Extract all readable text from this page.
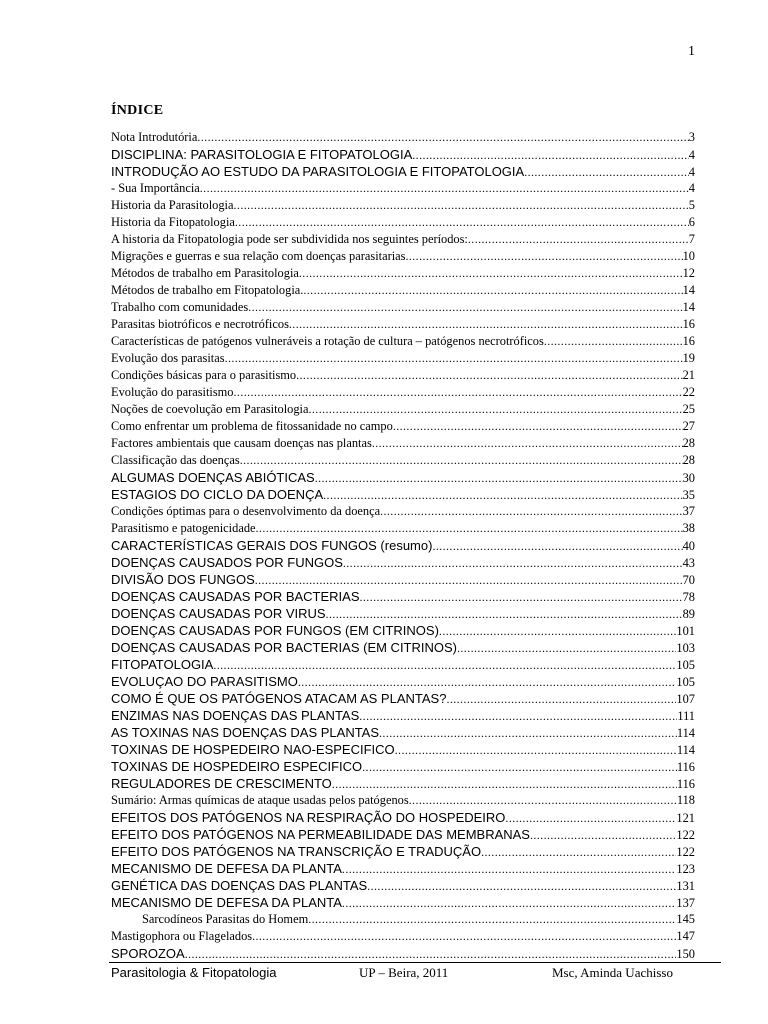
1
ÍNDICE
Nota Introdutória .....	3
DISCIPLINA: PARASITOLOGIA E FITOPATOLOGIA .....	4
INTRODUÇÃO AO ESTUDO DA PARASITOLOGIA E FITOPATOLOGIA .....	4
- Sua Importância .....	4
Historia da Parasitologia .....	5
Historia da Fitopatologia .....	6
A historia da Fitopatologia pode ser subdividida nos seguintes períodos: .....	7
Migrações e guerras e sua relação com doenças parasitarias .....	10
Métodos de trabalho em Parasitologia .....	12
Métodos de trabalho em Fitopatologia. .....	14
Trabalho com comunidades .....	14
Parasitas biotróficos e necrotróficos .....	16
Características de patógenos vulneráveis a rotação de cultura – patógenos necrotróficos .....	16
Evolução dos parasitas .....	19
Condições básicas para o parasitismo .....	21
Evolução do parasitismo .....	22
Noções de coevolução em Parasitologia .....	25
Como enfrentar um problema de fitossanidade no campo .....	27
Factores ambientais que causam doenças nas plantas .....	28
Classificação das doenças .....	28
ALGUMAS DOENÇAS ABIÓTICAS .....	30
ESTAGIOS DO CICLO DA DOENÇA .....	35
Condições óptimas para o desenvolvimento da doença .....	37
Parasitismo e patogenicidade .....	38
CARACTERÍSTICAS GERAIS DOS FUNGOS (resumo) .....	40
DOENÇAS CAUSADOS POR FUNGOS .....	43
DIVISÃO DOS FUNGOS .....	70
DOENÇAS CAUSADAS POR BACTERIAS .....	78
DOENÇAS CAUSADAS POR VIRUS .....	89
DOENÇAS CAUSADAS POR FUNGOS (EM CITRINOS) .....	101
DOENÇAS CAUSADAS POR BACTERIAS (EM CITRINOS) .....	103
FITOPATOLOGIA .....	105
EVOLUÇAO DO PARASITISMO .....	105
COMO É QUE OS PATÓGENOS ATACAM AS PLANTAS? .....	107
ENZIMAS NAS DOENÇAS DAS PLANTAS .....	111
AS TOXINAS NAS DOENÇAS DAS PLANTAS .....	114
TOXINAS DE HOSPEDEIRO NAO-ESPECIFICO .....	114
TOXINAS DE HOSPEDEIRO ESPECIFICO .....	116
REGULADORES DE CRESCIMENTO .....	116
Sumário: Armas químicas de ataque usadas pelos patógenos .....	118
EFEITOS DOS PATÓGENOS NA RESPIRAÇÃO DO HOSPEDEIRO .....	121
EFEITO DOS PATÓGENOS NA PERMEABILIDADE DAS MEMBRANAS .....	122
EFEITO DOS PATÓGENOS NA TRANSCRIÇÃO E TRADUÇÃO .....	122
MECANISMO DE DEFESA DA PLANTA .....	123
GENÉTICA DAS DOENÇAS DAS PLANTAS .....	131
MECANISMO DE DEFESA DA PLANTA .....	137
Sarcodíneos Parasitas do Homem .....	145
Mastigophora ou Flagelados .....	147
SPOROZOA .....	150
Parasitologia & Fitopatologia	UP – Beira, 2011	Msc, Aminda Uachisso
